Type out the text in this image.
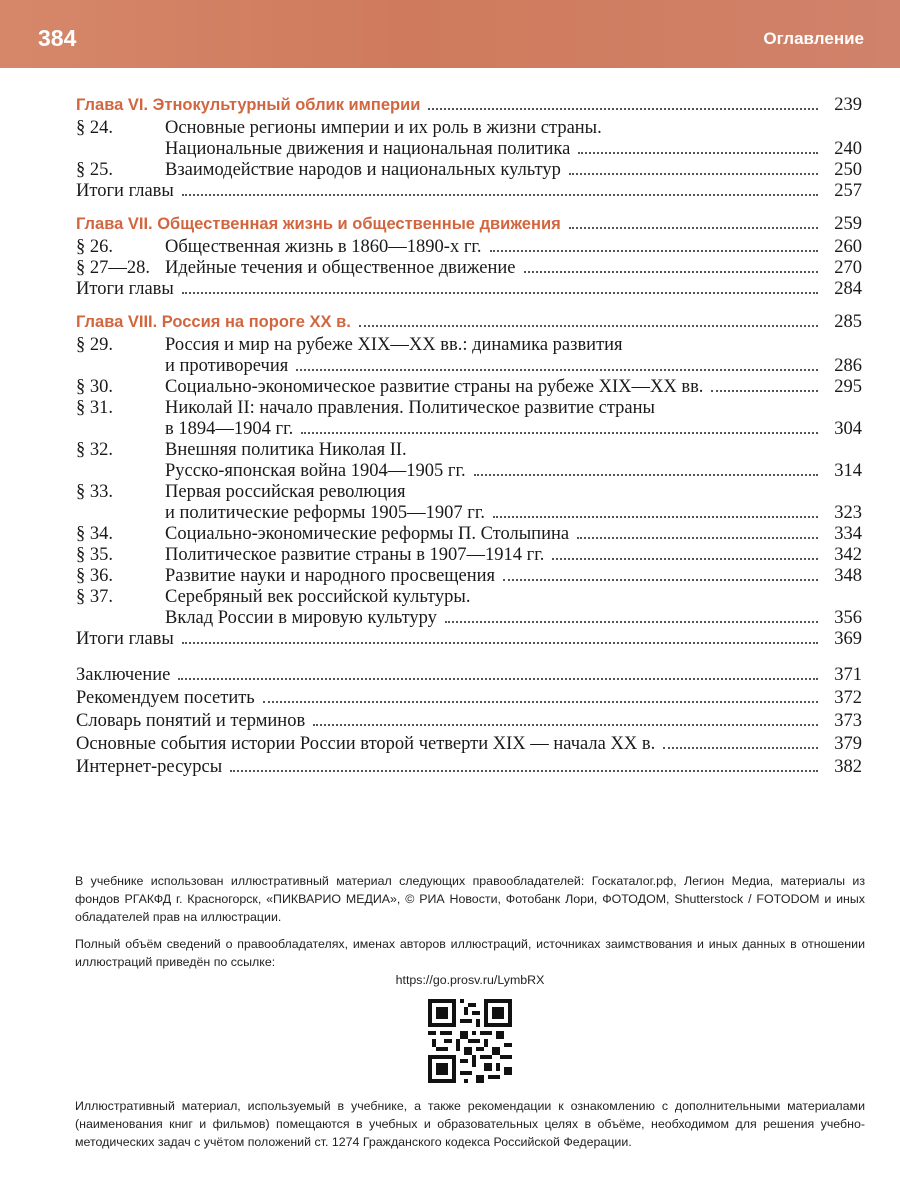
384	Оглавление
Глава VI. Этнокультурный облик империи	239
§ 24.	Основные регионы империи и их роль в жизни страны.
Национальные движения и национальная политика	240
§ 25.	Взаимодействие народов и национальных культур	250
Итоги главы	257
Глава VII. Общественная жизнь и общественные движения	259
§ 26.	Общественная жизнь в 1860—1890-х гг.	260
§ 27—28. Идейные течения и общественное движение	270
Итоги главы	284
Глава VIII. Россия на пороге XX в.	285
§ 29.	Россия и мир на рубеже XIX—XX вв.: динамика развития
и противоречия	286
§ 30.	Социально-экономическое развитие страны на рубеже XIX—XX вв.	295
§ 31.	Николай II: начало правления. Политическое развитие страны
в 1894—1904 гг.	304
§ 32.	Внешняя политика Николая II.
Русско-японская война 1904—1905 гг.	314
§ 33.	Первая российская революция
и политические реформы 1905—1907 гг.	323
§ 34.	Социально-экономические реформы П. Столыпина	334
§ 35.	Политическое развитие страны в 1907—1914 гг.	342
§ 36.	Развитие науки и народного просвещения	348
§ 37.	Серебряный век российской культуры.
Вклад России в мировую культуру	356
Итоги главы	369
Заключение	371
Рекомендуем посетить	372
Словарь понятий и терминов	373
Основные события истории России второй четверти XIX — начала XX в.	379
Интернет-ресурсы	382

В учебнике использован иллюстративный материал следующих правообладателей: Госкаталог.рф, Легион Медиа, материалы из фондов РГАКФД г. Красногорск, «ПИКВАРИО МЕДИА», © РИА Новости, Фотобанк Лори, ФОТОДОМ, Shutterstock / FOTODOM и иных обладателей прав на иллюстрации.

Полный объём сведений о правообладателях, именах авторов иллюстраций, источниках заимствования и иных данных в отношении иллюстраций приведён по ссылке:

https://go.prosv.ru/LymbRX

Иллюстративный материал, используемый в учебнике, а также рекомендации к ознакомлению с дополнительными материалами (наименования книг и фильмов) помещаются в учебных и образовательных целях в объёме, необходимом для решения учебно-методических задач с учётом положений ст. 1274 Гражданского кодекса Российской Федерации.
